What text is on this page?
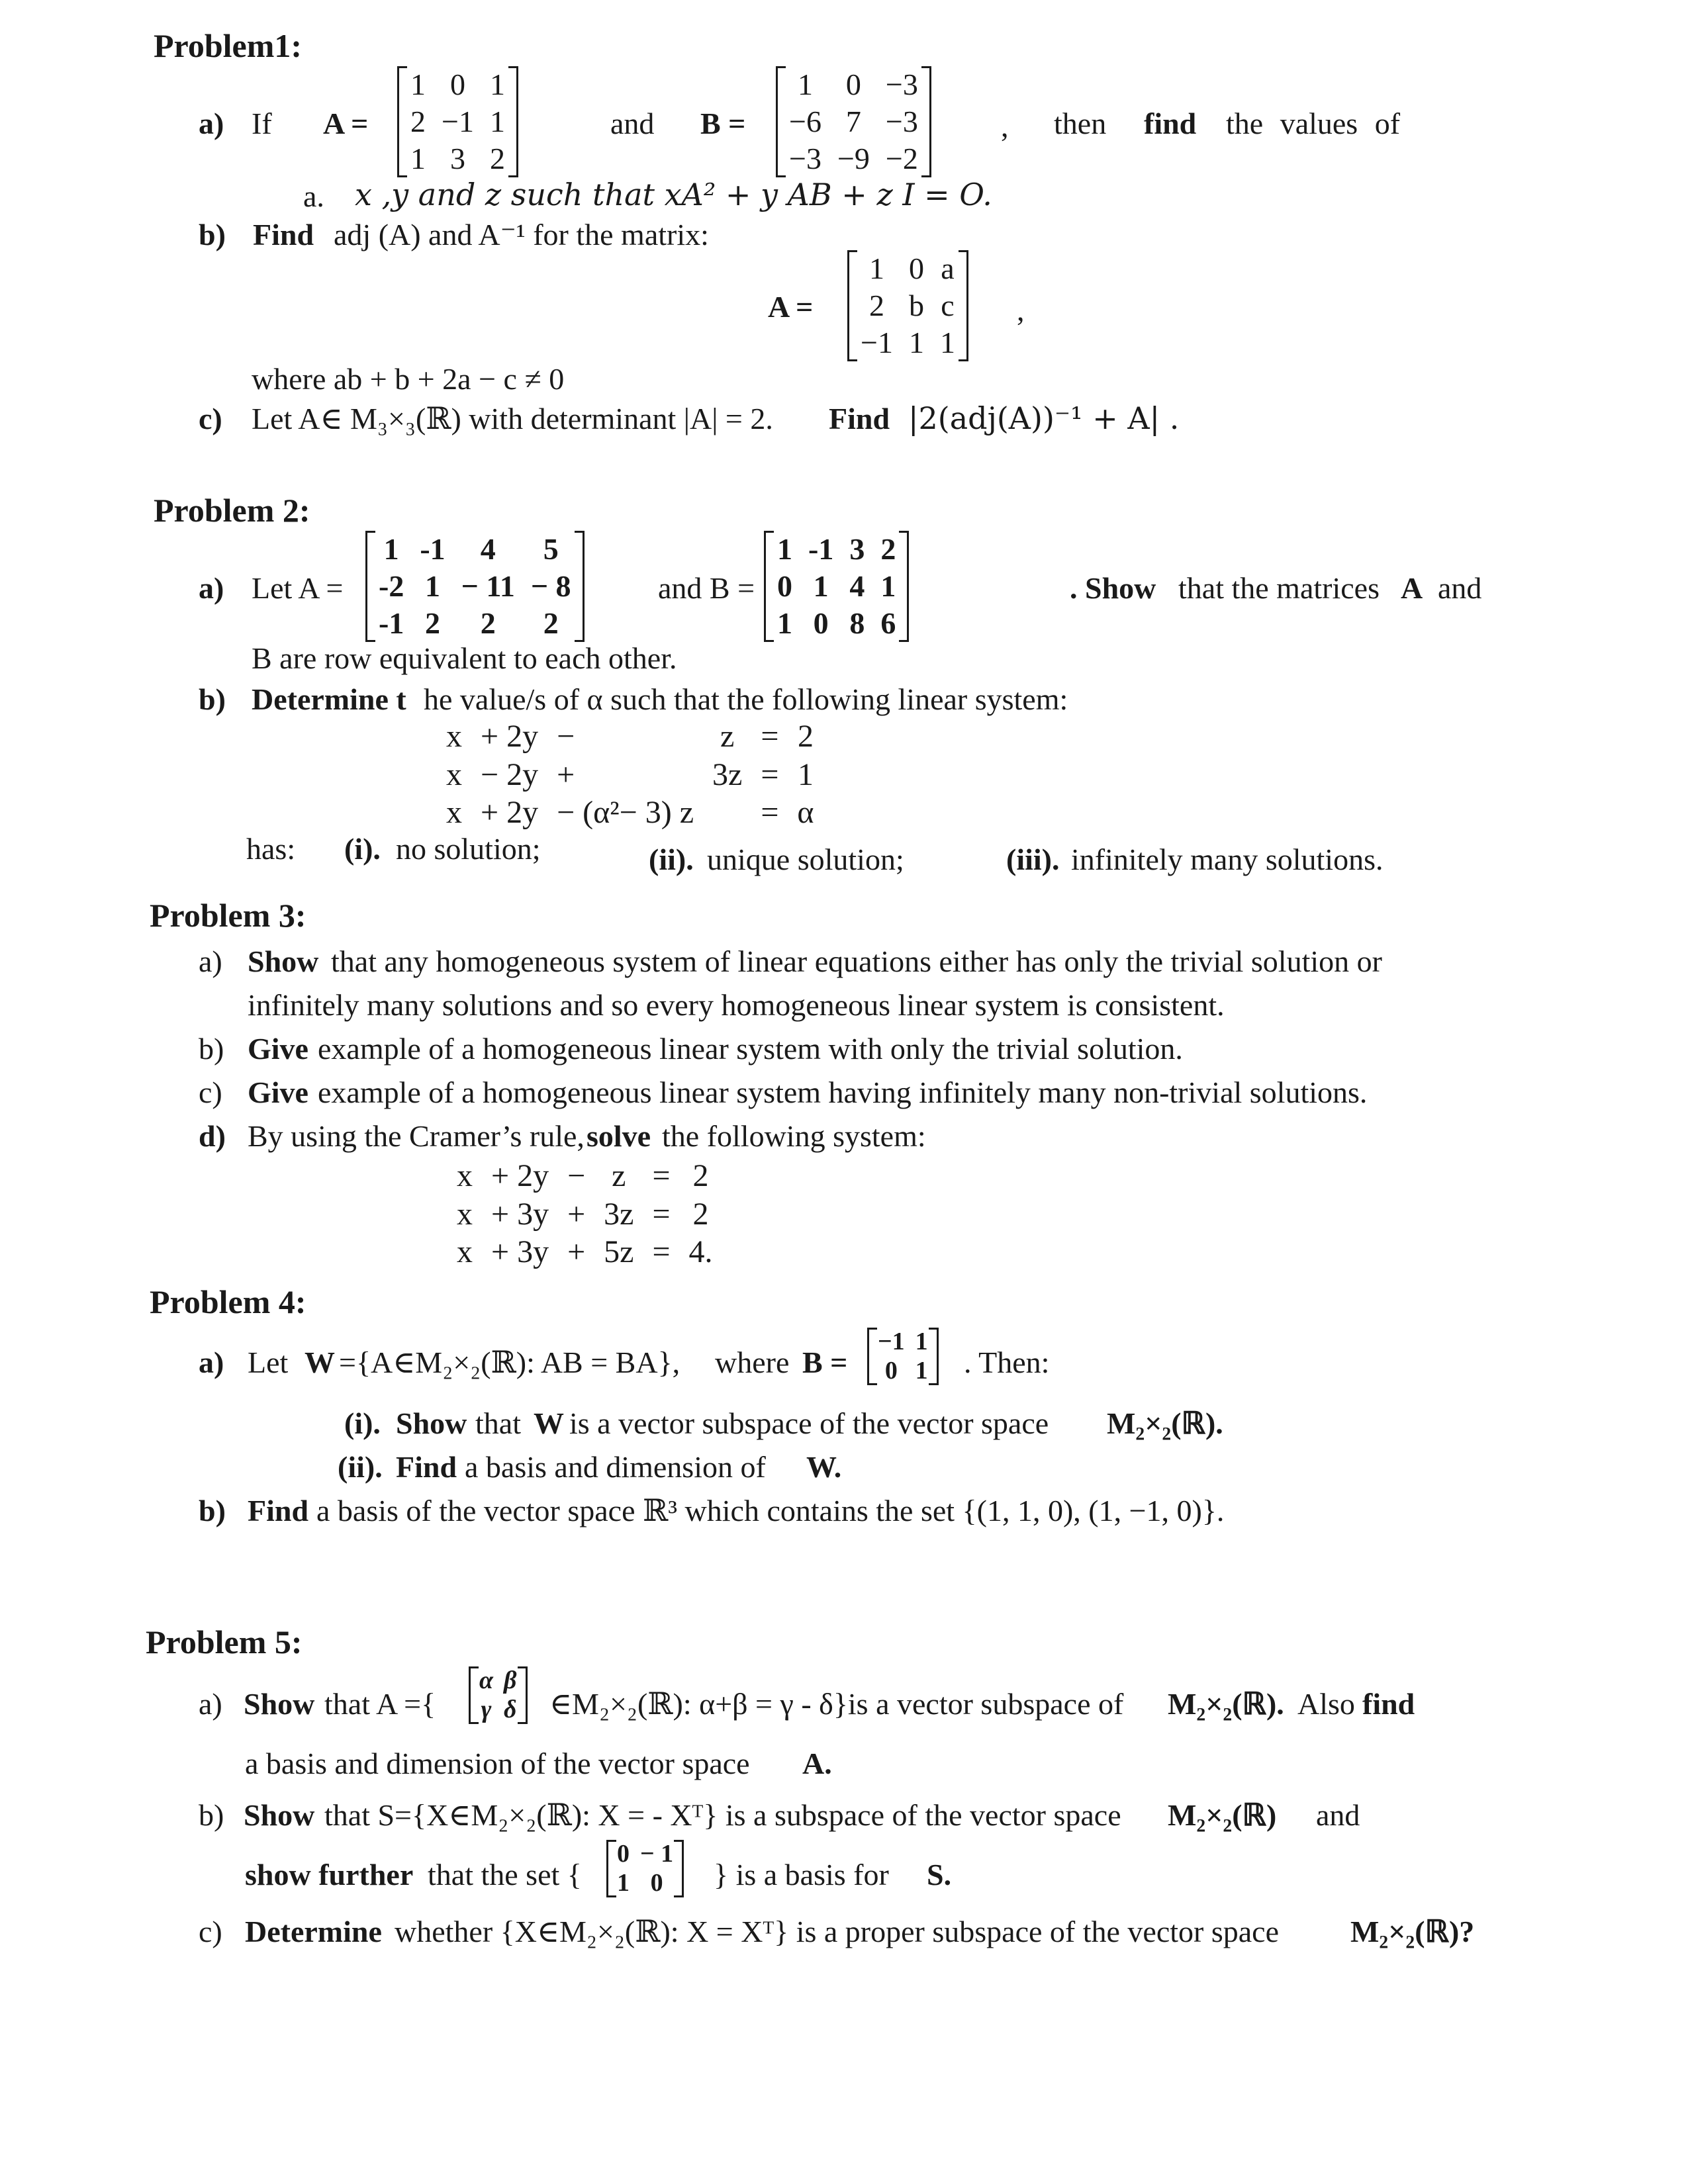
Problem1:
a) If A =
1	0	1
2	−1	1
1	3	2
and B =
1	0	−3
−6	7	−3
−3	−9	−2
, then find the values of
a. x ,y and z such that xA² + y AB + z I = O.
b) Find adj (A) and A⁻¹ for the matrix:
A =
1	0	a
2	b	c
−1	1	1
,
where ab + b + 2a − c ≠ 0
c) Let A∈ M₃×₃(ℝ) with determinant |A| = 2. Find |2(adj(A))⁻¹ + A| .
Problem 2:
a) Let A =
1	-1	4	5
-2	1	− 11	− 8
-1	2	2	2
and B =
1	-1	3	2
0	1	4	1
1	0	8	6
. Show that the matrices A and
B are row equivalent to each other.
b) Determine t he value/s of α such that the following linear system:
x	+ 2y	−	z	=	2
x	− 2y	+	3z	=	1
x	+ 2y	− (α²− 3) z		=	α
has: (i). no solution;	(ii). unique solution;	(iii). infinitely many solutions.
Problem 3:
a) Show that any homogeneous system of linear equations either has only the trivial solution or
infinitely many solutions and so every homogeneous linear system is consistent.
b) Give example of a homogeneous linear system with only the trivial solution.
c) Give example of a homogeneous linear system having infinitely many non-trivial solutions.
d) By using the Cramer’s rule, solve the following system:
x	+ 2y	−	z	=	2
x	+ 3y	+	3z	=	2
x	+ 3y	+	5z	=	4.
Problem 4:
a) Let W ={A∈M₂×₂(ℝ): AB = BA}, where B =
−1	1
0	1 . Then:
(i). Show that W is a vector subspace of the vector space M₂×₂(ℝ).
(ii). Find a basis and dimension of W.
b) Find a basis of the vector space ℝ³ which contains the set {(1, 1, 0), (1, −1, 0)}.
Problem 5:
a) Show that A ={
α	β
γ	δ ∈M₂×₂(ℝ): α+β = γ - δ}is a vector subspace of M₂×₂(ℝ). Also find
a basis and dimension of the vector space A.
b) Show that S={X∈M₂×₂(ℝ): X = - Xᵀ} is a subspace of the vector space M₂×₂(ℝ) and
show further that the set {
0	− 1
1	0 } is a basis for S.
c) Determine whether {X∈M₂×₂(ℝ): X = Xᵀ} is a proper subspace of the vector space M₂×₂(ℝ)?
